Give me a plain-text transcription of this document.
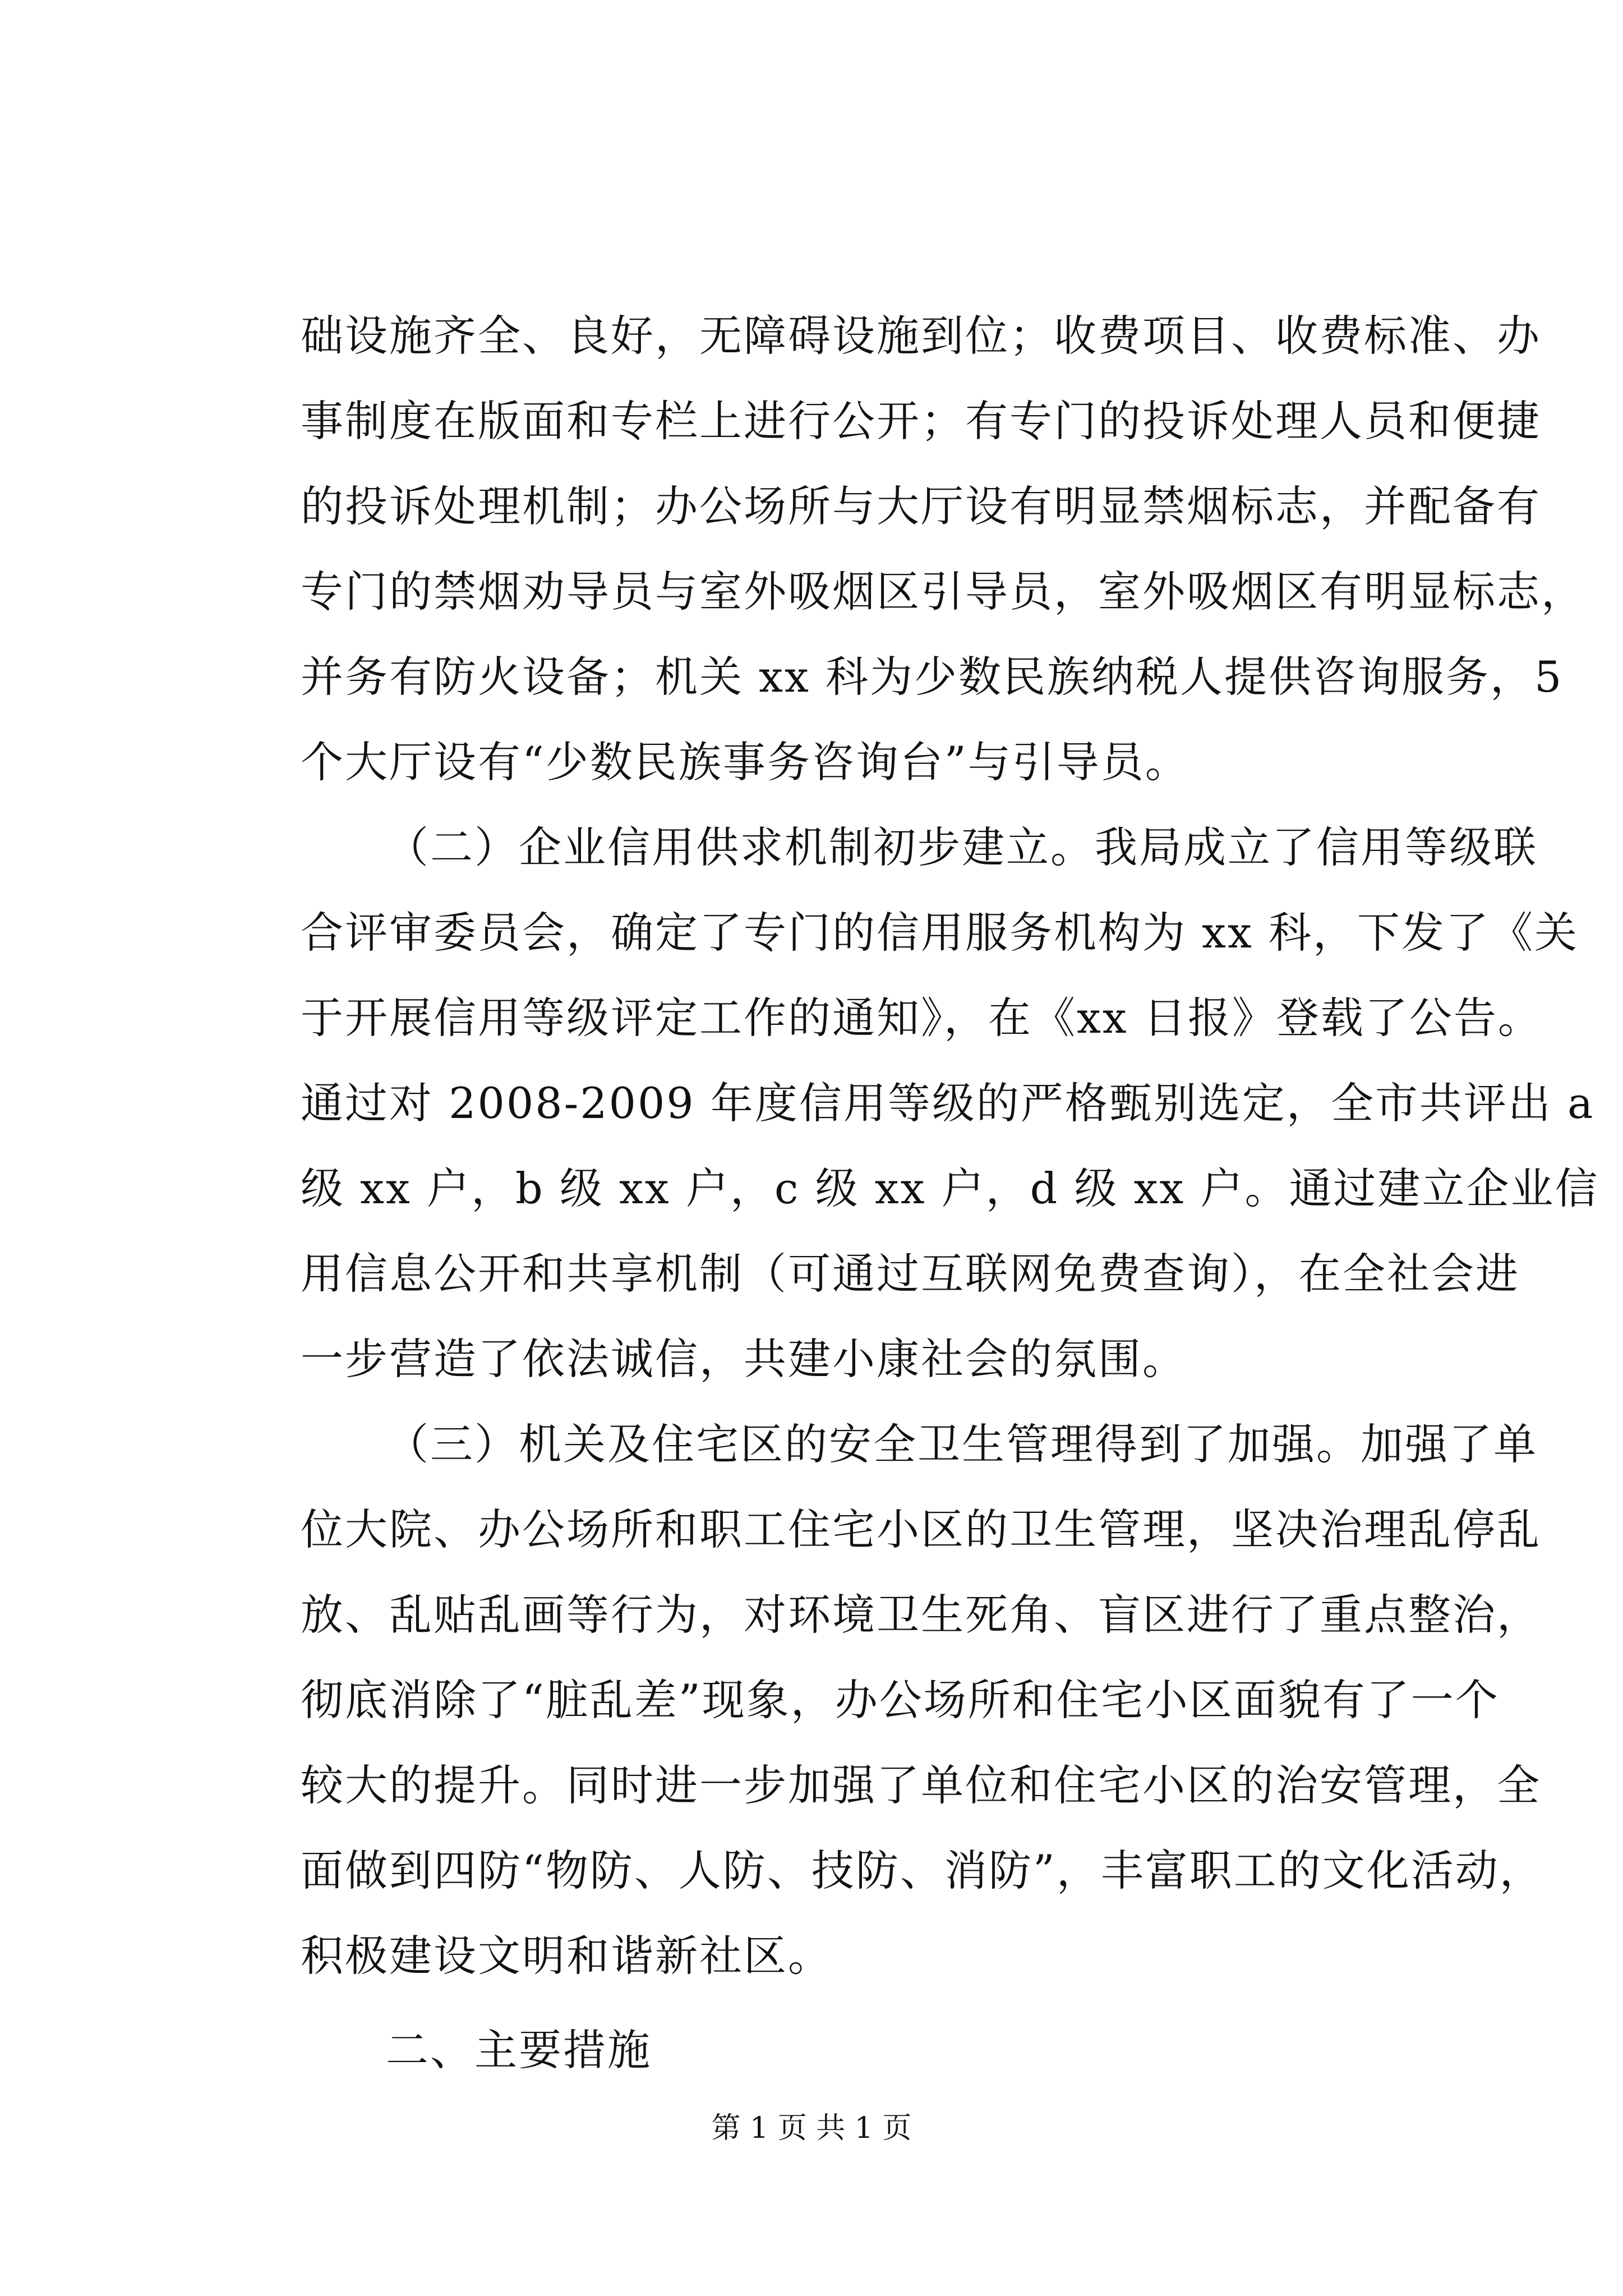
础设施齐全、良好，无障碍设施到位；收费项目、收费标准、办
事制度在版面和专栏上进行公开；有专门的投诉处理人员和便捷
的投诉处理机制；办公场所与大厅设有明显禁烟标志，并配备有
专门的禁烟劝导员与室外吸烟区引导员，室外吸烟区有明显标志，
并务有防火设备；机关 xx 科为少数民族纳税人提供咨询服务，5
个大厅设有“少数民族事务咨询台”与引导员。
（二）企业信用供求机制初步建立。我局成立了信用等级联
合评审委员会，确定了专门的信用服务机构为 xx 科，下发了《关
于开展信用等级评定工作的通知》，在《xx 日报》登载了公告。
通过对 2008-2009 年度信用等级的严格甄别选定，全市共评出 a
级 xx 户，b 级 xx 户，c 级 xx 户，d 级 xx 户。通过建立企业信
用信息公开和共享机制（可通过互联网免费查询），在全社会进
一步营造了依法诚信，共建小康社会的氛围。
（三）机关及住宅区的安全卫生管理得到了加强。加强了单
位大院、办公场所和职工住宅小区的卫生管理，坚决治理乱停乱
放、乱贴乱画等行为，对环境卫生死角、盲区进行了重点整治，
彻底消除了“脏乱差”现象，办公场所和住宅小区面貌有了一个
较大的提升。同时进一步加强了单位和住宅小区的治安管理，全
面做到四防“物防、人防、技防、消防”，丰富职工的文化活动，
积极建设文明和谐新社区。
二、主要措施
第 1 页 共 1 页
